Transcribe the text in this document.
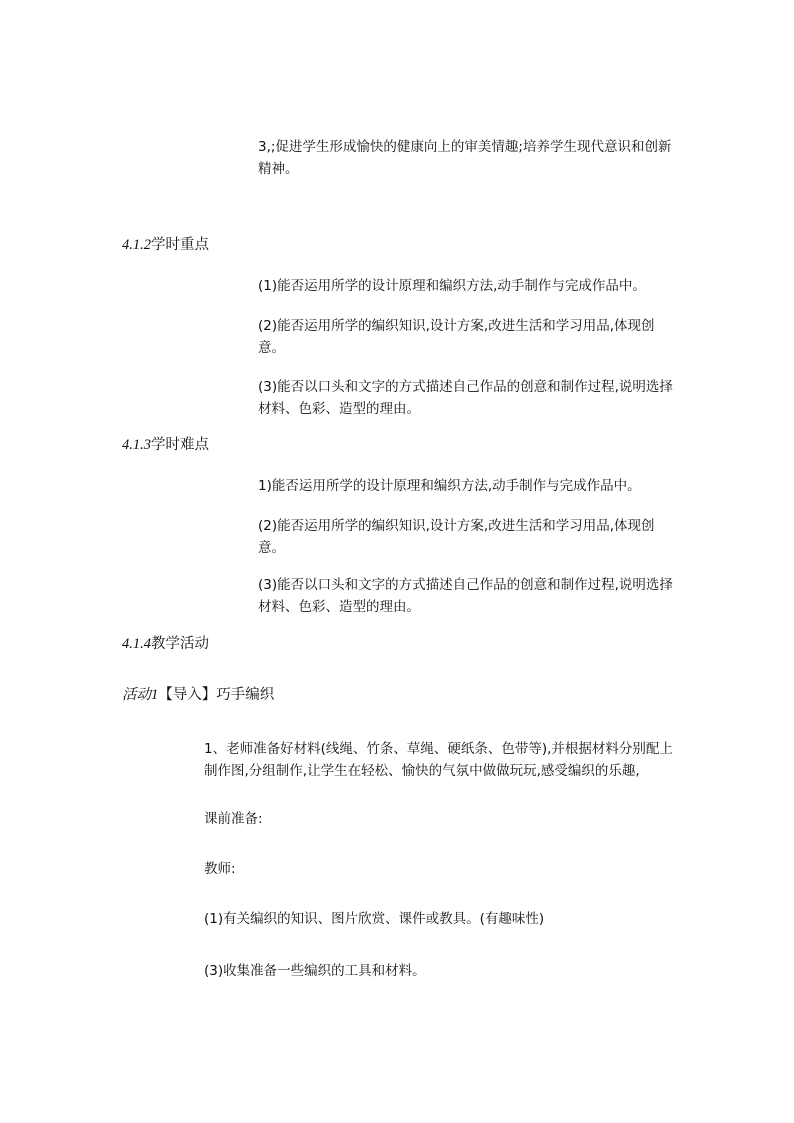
3,;促进学生形成愉快的健康向上的审美情趣;培养学生现代意识和创新精神。
4.1.2学时重点
(1)能否运用所学的设计原理和编织方法,动手制作与完成作品中。
(2)能否运用所学的编织知识,设计方案,改进生活和学习用品,体现创意。
(3)能否以口头和文字的方式描述自己作品的创意和制作过程,说明选择材料、色彩、造型的理由。
4.1.3学时难点
1)能否运用所学的设计原理和编织方法,动手制作与完成作品中。
(2)能否运用所学的编织知识,设计方案,改进生活和学习用品,体现创意。
(3)能否以口头和文字的方式描述自己作品的创意和制作过程,说明选择材料、色彩、造型的理由。
4.1.4教学活动
活动1【导入】巧手编织
1、老师准备好材料(线绳、竹条、草绳、硬纸条、色带等),并根据材料分别配上制作图,分组制作,让学生在轻松、愉快的气氛中做做玩玩,感受编织的乐趣,
课前准备:
教师:
(1)有关编织的知识、图片欣赏、课件或教具。(有趣味性)
(3)收集准备一些编织的工具和材料。
